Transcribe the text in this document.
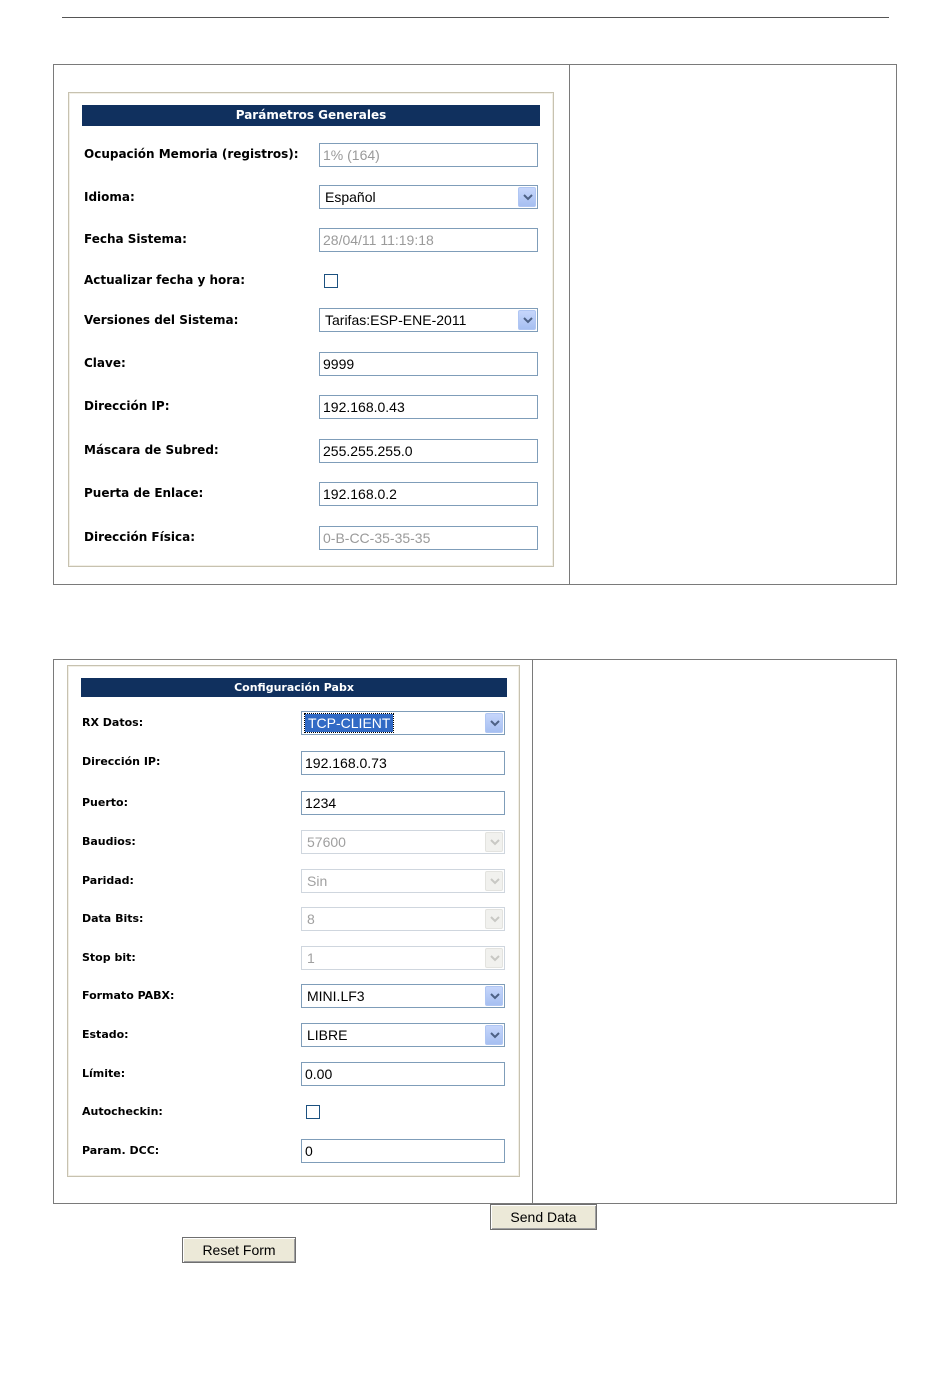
Parámetros Generales
Ocupación Memoria (registros): 1% (164)
Idioma:	Español
Fecha Sistema:	28/04/11 11:19:18
Actualizar fecha y hora:
Versiones del Sistema:	Tarifas:ESP-ENE-2011
Clave:	9999
Dirección IP:	192.168.0.43
Máscara de Subred:	255.255.255.0
Puerta de Enlace:	192.168.0.2
Dirección Física:	0-B-CC-35-35-35
Configuración Pabx
RX Datos:	TCP-CLIENT
Dirección IP:	192.168.0.73
Puerto:	1234
Baudios:	57600
Paridad:	Sin
Data Bits:	8
Stop bit:	1
Formato PABX:	MINI.LF3
Estado:	LIBRE
Límite:	0.00
Autocheckin:
Param. DCC:	0
Send Data
Reset Form
